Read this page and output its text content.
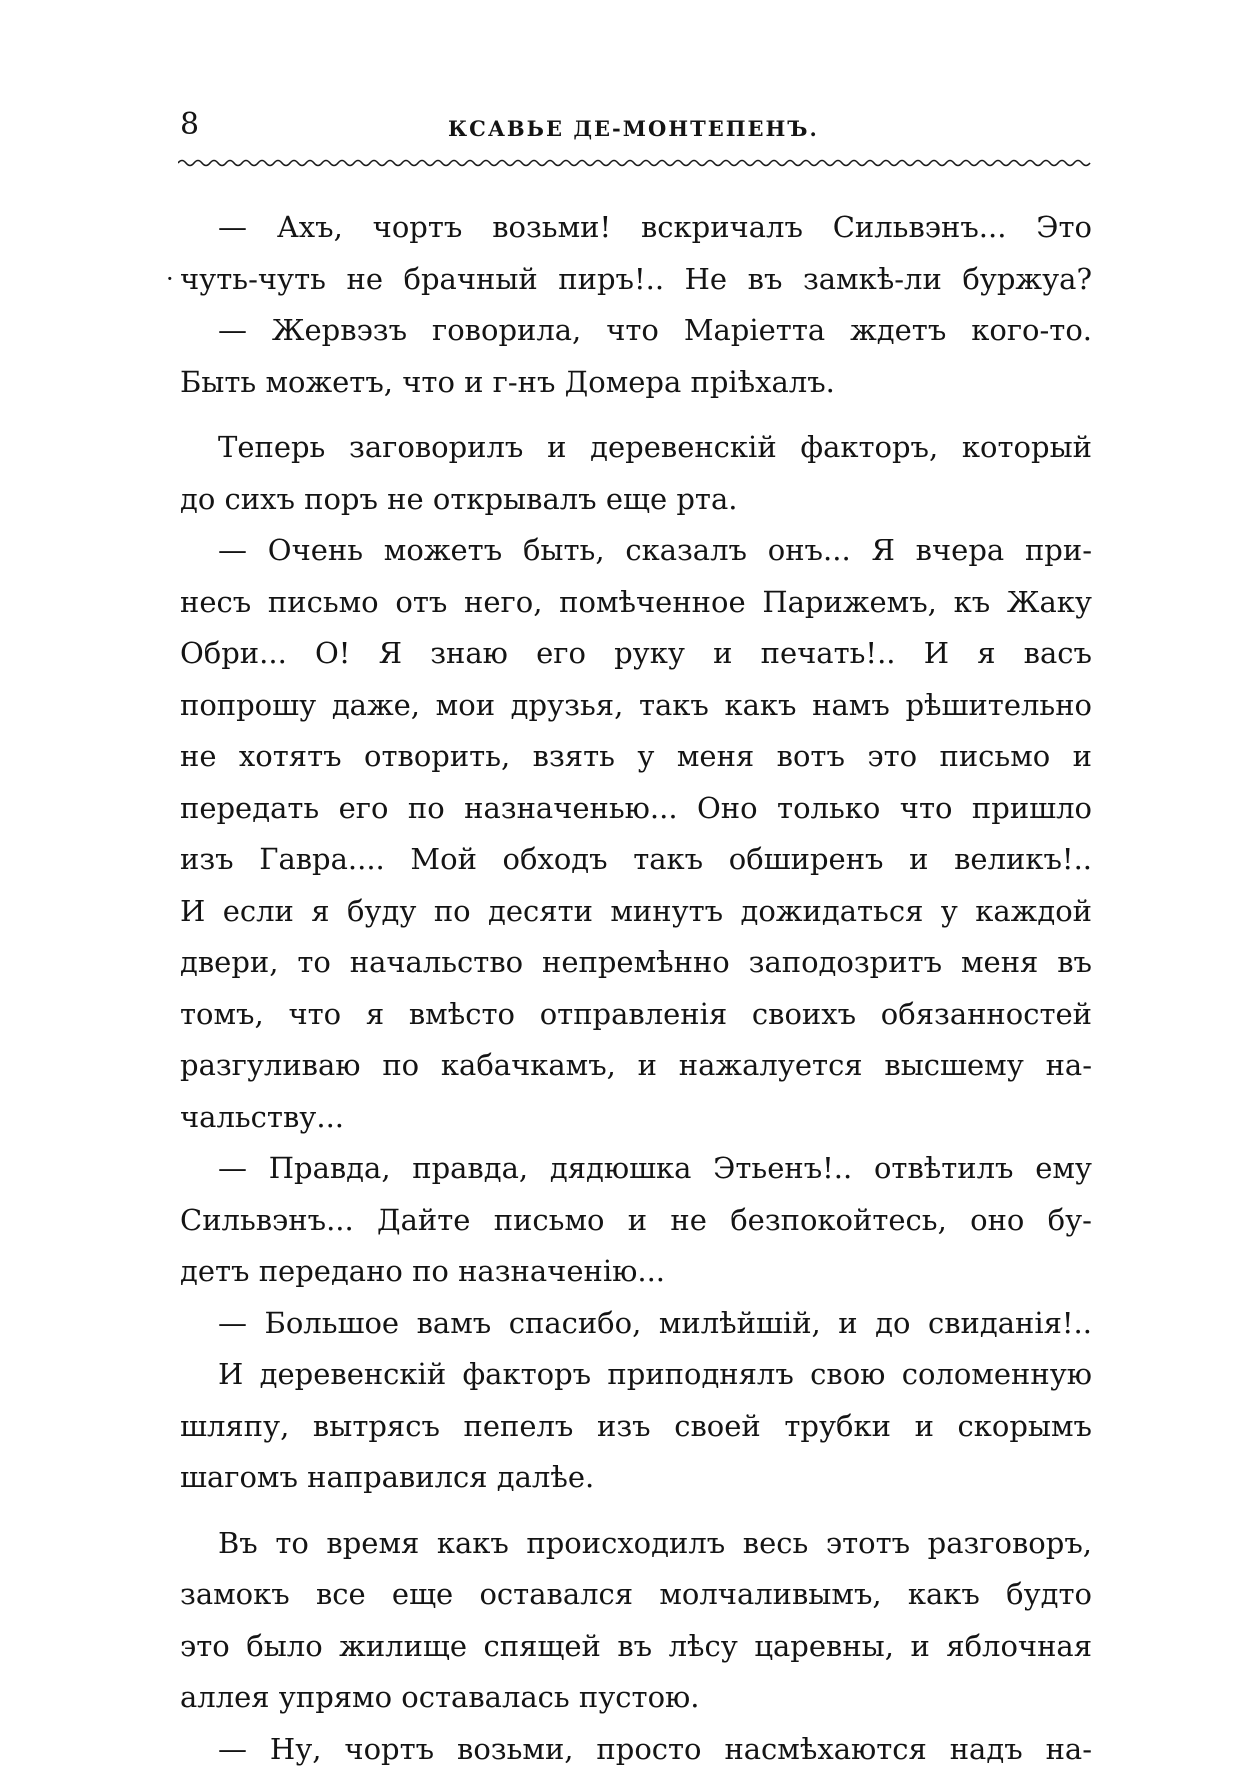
8	КСАВЬЕ ДЕ-МОНТЕПЕНЪ.
— Ахъ, чортъ возьми! вскричалъ Сильвэнъ... Это
· чуть-чуть не брачный пиръ!.. Не въ замкѣ-ли буржуа?
— Жервэзъ говорила, что Маріетта ждетъ кого-то.
Быть можетъ, что и г-нъ Домера пріѣхалъ.
Теперь заговорилъ и деревенскій факторъ, который
до сихъ поръ не открывалъ еще рта.
— Очень можетъ быть, сказалъ онъ... Я вчера при-
несъ письмо отъ него, помѣченное Парижемъ, къ Жаку
Обри... О! Я знаю его руку и печать!.. И я васъ
попрошу даже, мои друзья, такъ какъ намъ рѣшительно
не хотятъ отворить, взять у меня вотъ это письмо и
передать его по назначенью... Оно только что пришло
изъ Гавра.... Мой обходъ такъ обширенъ и великъ!..
И если я буду по десяти минутъ дожидаться у каждой
двери, то начальство непремѣнно заподозритъ меня въ
томъ, что я вмѣсто отправленія своихъ обязанностей
разгуливаю по кабачкамъ, и нажалуется высшему на-
чальству...
— Правда, правда, дядюшка Этьенъ!.. отвѣтилъ ему
Сильвэнъ... Дайте письмо и не безпокойтесь, оно бу-
детъ передано по назначенію...
— Большое вамъ спасибо, милѣйшій, и до свиданія!..
И деревенскій факторъ приподнялъ свою соломенную
шляпу, вытрясъ пепелъ изъ своей трубки и скорымъ
шагомъ направился далѣе.
Въ то время какъ происходилъ весь этотъ разговоръ,
замокъ все еще оставался молчаливымъ, какъ будто
это было жилище спящей въ лѣсу царевны, и яблочная
аллея упрямо оставалась пустою.
— Ну, чортъ возьми, просто насмѣхаются надъ на-
